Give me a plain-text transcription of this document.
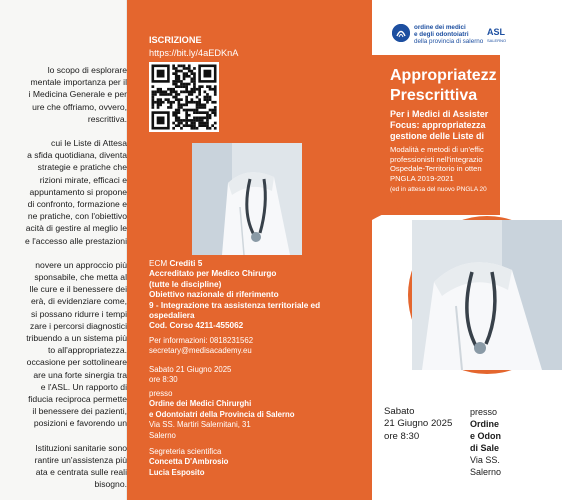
lo scopo di esplorare
mentale importanza per il
i Medicina Generale e per
ure che offriamo, ovvero,
rescrittiva.
cui le Liste di Attesa
a sfida quotidiana, diventa
strategie e pratiche che
rizioni mirate, efficaci e
appuntamento si propone
di confronto, formazione e
ne pratiche, con l'obiettivo
acità di gestire al meglio le
e l'accesso alle prestazioni
novere un approccio più
sponsabile, che metta al
lle cure e il benessere dei
erà, di evidenziare come,
si possano ridurre i tempi
zare i percorsi diagnostici
tribuendo a un sistema più
to all'appropriatezza.
occasione per sottolineare
are una forte sinergia tra
e l'ASL. Un rapporto di
fiducia reciproca permette
il benessere dei pazienti,
posizioni e favorendo un
Istituzioni sanitarie sono
rantire un'assistenza più
ata e centrata sulle reali
bisogno.
ISCRIZIONE
https://bit.ly/4aEDKnA
ECM Crediti 5
Accreditato per Medico Chirurgo
(tutte le discipline)
Obiettivo nazionale di riferimento
9 - Integrazione tra assistenza territoriale ed
ospedaliera
Cod. Corso 4211-455062
Per informazioni: 0818231562
secretary@medisacademy.eu
Sabato 21 Giugno 2025
ore 8:30
presso
Ordine dei Medici Chirurghi
e Odontoiatri della Provincia di Salerno
Via SS. Martiri Salernitani, 31
Salerno
Segreteria scientifica
Concetta D'Ambrosio
Lucia Esposito
ordine dei medici
e degli odontoiatri
della provincia di salerno
ASL
SALERNO
Appropriatezz
Prescrittiva
Per i Medici di Assister
Focus: appropriatezza
gestione delle Liste di
Modalità e metodi di un'effic
professionisti nell'integrazio
Ospedale-Territorio in otten
PNGLA 2019-2021
(ed in attesa del nuovo PNGLA 20
Sabato
21 Giugno 2025
ore 8:30
presso
Ordine
e Odon
di Sale
Via SS.
Salerno
